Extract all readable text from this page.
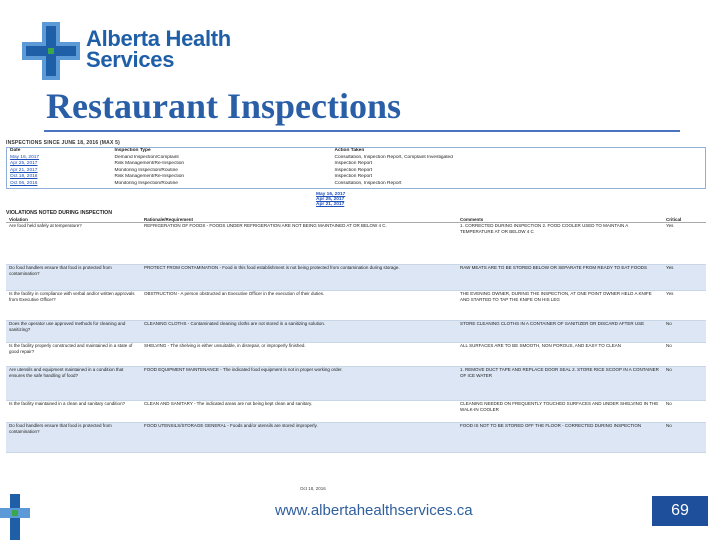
Alberta Health
Services
Restaurant Inspections
INSPECTIONS SINCE JUNE 18, 2016 (MAX 5)
Date	Inspection Type	Action Taken
May 16, 2017	Demand Inspection/Complaint	Consultation, Inspection Report, Complaint Investigated
Apr 25, 2017	Risk Management/Re-Inspection	Inspection Report
Apr 21, 2017	Monitoring Inspection/Routine	Inspection Report
Oct 18, 2016	Risk Management/Re-Inspection	Inspection Report
Oct 06, 2016	Monitoring Inspection/Routine	Consultation, Inspection Report
May 16, 2017
Apr 25, 2017
Apr 21, 2017
VIOLATIONS NOTED DURING INSPECTION
Violation	Rationale/Requirement	Comments	Critical
Are food held safely at temperature?	REFRIGERATION OF FOODS - FOODS UNDER REFRIGERATION ARE NOT BEING MAINTAINED AT OR BELOW 4 C.	1. CORRECTED DURING INSPECTION 2. FOOD COOLER USED TO MAINTAIN A TEMPERATURE AT OR BELOW 4 C	Yes
Do food handlers ensure that food is protected from contamination?	PROTECT FROM CONTAMINATION - Food in this food establishment is not being protected from contamination during storage.	RAW MEATS ARE TO BE STORED BELOW OR SEPARATE FROM READY TO EAT FOODS	Yes
Is the facility in compliance with verbal and/or written approvals from Executive Officer?	OBSTRUCTION - A person obstructed an Executive Officer in the execution of their duties.	THE EVENING OWNER, DURING THE INSPECTION, AT ONE POINT OWNER HELD A KNIFE AND STARTED TO TAP THE KNIFE ON HIS LEG	Yes
Does the operator use approved methods for cleaning and sanitizing?	CLEANING CLOTHS - Contaminated cleaning cloths are not stored in a sanitizing solution.	STORE CLEANING CLOTHS IN A CONTAINER OF SANITIZER OR DISCARD AFTER USE	No
Is the facility properly constructed and maintained in a state of good repair?	SHELVING - The shelving is either unsuitable, in disrepair, or improperly finished.	ALL SURFACES ARE TO BE SMOOTH, NON POROUS, AND EASY TO CLEAN	No
Are utensils and equipment maintained in a condition that ensures the safe handling of food?	FOOD EQUIPMENT MAINTENANCE - The indicated food equipment is not in proper working order.	1. REMOVE DUCT TAPE AND REPLACE DOOR SEAL 2. STORE RICE SCOOP IN A CONTAINER OF ICE WATER	No
Is the facility maintained in a clean and sanitary condition?	CLEAN AND SANITARY - The indicated areas are not being kept clean and sanitary.	CLEANING NEEDED ON FREQUENTLY TOUCHED SURFACES AND UNDER SHELVING IN THE WALK-IN COOLER	No
Do food handlers ensure that food is protected from contamination?	FOOD UTENSILS/STORAGE GENERAL - Foods and/or utensils are stored improperly.	FOOD IS NOT TO BE STORED OFF THE FLOOR - CORRECTED DURING INSPECTION	No
Oct 18, 2016
www.albertahealthservices.ca	69
